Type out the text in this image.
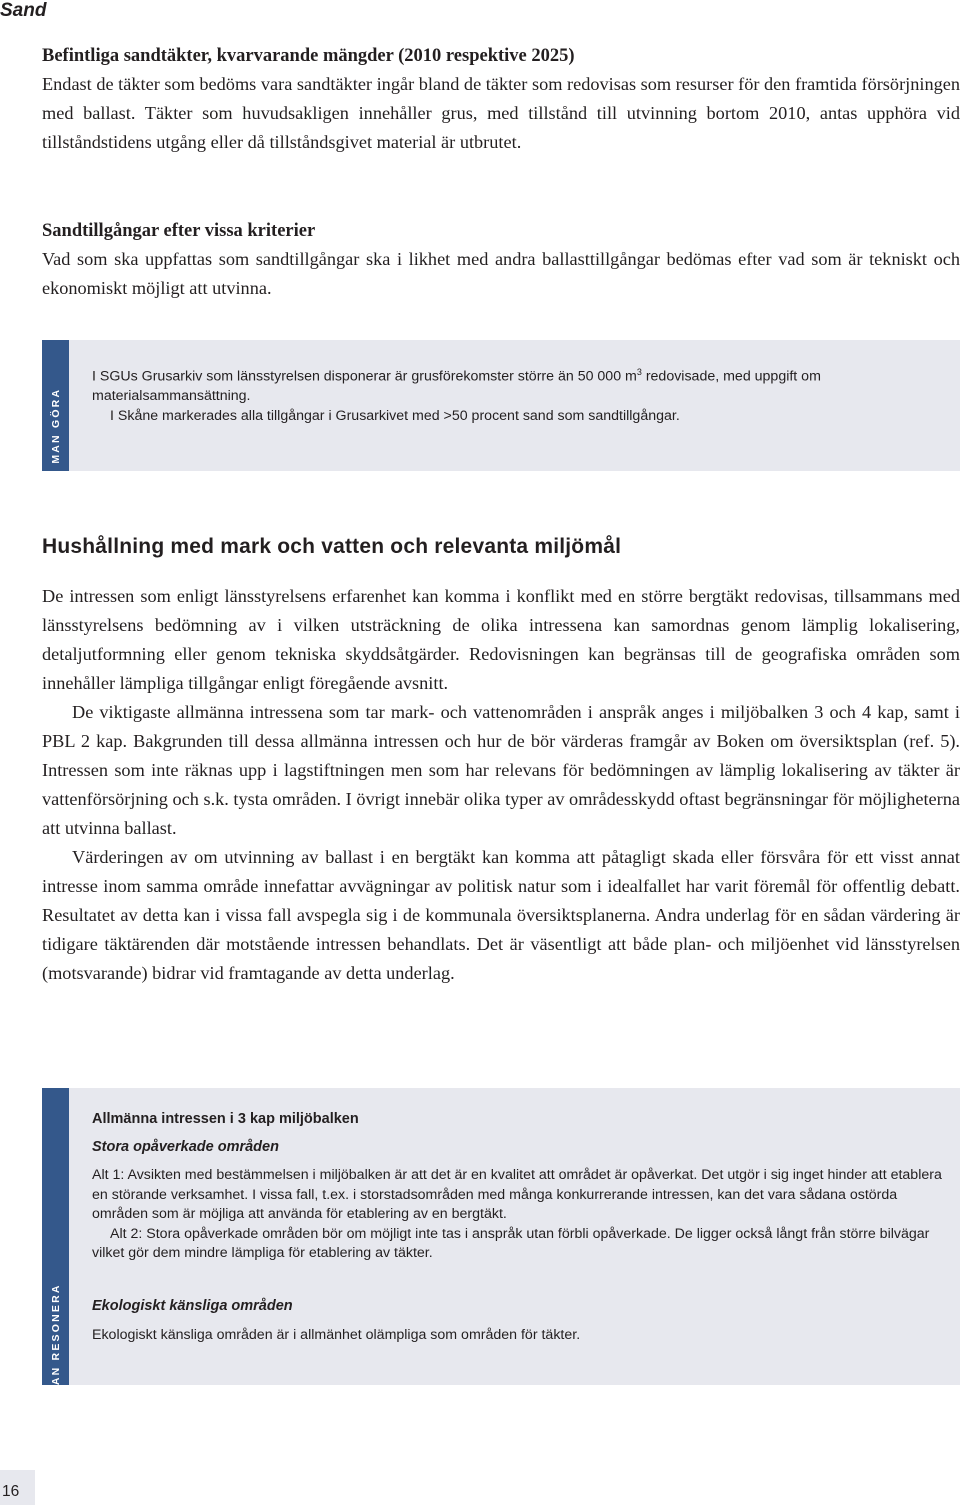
Sand

Befintliga sandtäkter, kvarvarande mängder (2010 respektive 2025)

Endast de täkter som bedöms vara sandtäkter ingår bland de täkter som redovisas som resurser för den framtida försörjningen med ballast. Täkter som huvudsakligen innehåller grus, med tillstånd till utvinning bortom 2010, antas upphöra vid tillståndstidens utgång eller då tillståndsgivet material är utbrutet.

Sandtillgångar efter vissa kriterier

Vad som ska uppfattas som sandtillgångar ska i likhet med andra ballasttillgångar bedömas efter vad som är tekniskt och ekonomiskt möjligt att utvinna.

SÅ KAN MAN GÖRA

I SGUs Grusarkiv som länsstyrelsen disponerar är grusförekomster större än 50 000 $m^3$ redovisade, med uppgift om materialsammansättning.

I Skåne markerades alla tillgångar i Grusarkivet med >50 procent sand som sandtillgångar.

Hushållning med mark och vatten och relevanta miljömål

De intressen som enligt länsstyrelsens erfarenhet kan komma i konflikt med en större bergtäkt redovisas, tillsammans med länsstyrelsens bedömning av i vilken utsträckning de olika intressena kan samordnas genom lämplig lokalisering, detaljutformning eller genom tekniska skyddsåtgärder. Redovisningen kan begränsas till de geografiska områden som innehåller lämpliga tillgångar enligt föregående avsnitt.

De viktigaste allmänna intressena som tar mark- och vattenområden i anspråk anges i miljöbalken 3 och 4 kap, samt i PBL 2 kap. Bakgrunden till dessa allmänna intressen och hur de bör värderas framgår av Boken om översiktsplan (ref. 5). Intressen som inte räknas upp i lagstiftningen men som har relevans för bedömningen av lämplig lokalisering av täkter är vattenförsörjning och s.k. tysta områden. I övrigt innebär olika typer av områdesskydd oftast begränsningar för möjligheterna att utvinna ballast.

Värderingen av om utvinning av ballast i en bergtäkt kan komma att påtagligt skada eller försvåra för ett visst annat intresse inom samma område innefattar avvägningar av politisk natur som i idealfallet har varit föremål för offentlig debatt. Resultatet av detta kan i vissa fall avspegla sig i de kommunala översiktsplanerna. Andra underlag för en sådan värdering är tidigare täktärenden där motstående intressen behandlats. Det är väsentligt att både plan- och miljöenhet vid länsstyrelsen (motsvarande) bidrar vid framtagande av detta underlag.

SÅ KAN MAN RESONERA

Allmänna intressen i 3 kap miljöbalken

Stora opåverkade områden

Alt 1: Avsikten med bestämmelsen i miljöbalken är att det är en kvalitet att området är opåverkat. Det utgör i sig inget hinder att etablera en störande verksamhet. I vissa fall, t.ex. i storstadsområden med många konkurrerande intressen, kan det vara sådana ostörda områden som är möjliga att använda för etablering av en bergtäkt.

Alt 2: Stora opåverkade områden bör om möjligt inte tas i anspråk utan förbli opåverkade. De ligger också långt från större bilvägar vilket gör dem mindre lämpliga för etablering av täkter.

Ekologiskt känsliga områden

Ekologiskt känsliga områden är i allmänhet olämpliga som områden för täkter.

16
